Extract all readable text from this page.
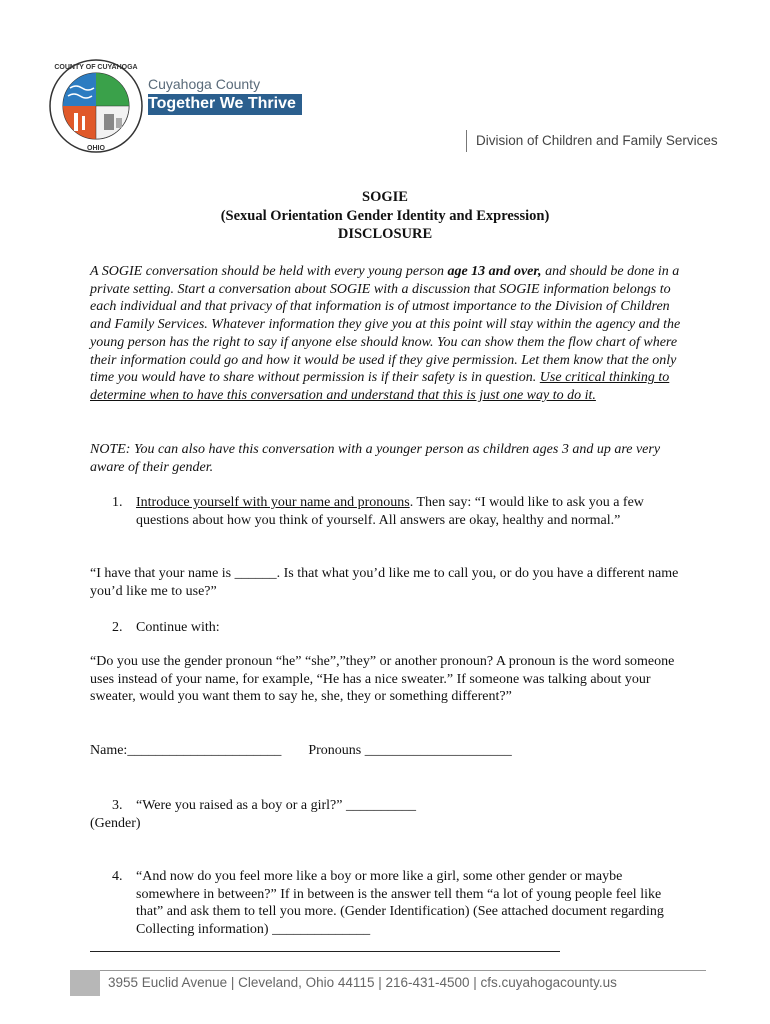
COUNTY OF CUYAHOGA
OHIO
Cuyahoga County
Together We Thrive
Division of Children and Family Services
SOGIE
(Sexual Orientation Gender Identity and Expression)
DISCLOSURE
A SOGIE conversation should be held with every young person age 13 and over, and should be done in a private setting. Start a conversation about SOGIE with a discussion that SOGIE information belongs to each individual and that privacy of that information is of utmost importance to the Division of Children and Family Services. Whatever information they give you at this point will stay within the agency and the young person has the right to say if anyone else should know. You can show them the flow chart of where their information could go and how it would be used if they give permission. Let them know that the only time you would have to share without permission is if their safety is in question. Use critical thinking to determine when to have this conversation and understand that this is just one way to do it.
NOTE: You can also have this conversation with a younger person as children ages 3 and up are very aware of their gender.
1. Introduce yourself with your name and pronouns. Then say: “I would like to ask you a few questions about how you think of yourself. All answers are okay, healthy and normal.”
“I have that your name is ______. Is that what you’d like me to call you, or do you have a different name you’d like me to use?”
2. Continue with:
“Do you use the gender pronoun “he” “she”,”they” or another pronoun? A pronoun is the word someone uses instead of your name, for example, “He has a nice sweater.” If someone was talking about your sweater, would you want them to say he, she, they or something different?”
Name:______________________ Pronouns _____________________
3. “Were you raised as a boy or a girl?” __________
(Gender)
4. “And now do you feel more like a boy or more like a girl, some other gender or maybe somewhere in between?” If in between is the answer tell them “a lot of young people feel like that” and ask them to tell you more. (Gender Identification) (See attached document regarding Collecting information) ______________
3955 Euclid Avenue | Cleveland, Ohio 44115 | 216-431-4500 | cfs.cuyahogacounty.us
